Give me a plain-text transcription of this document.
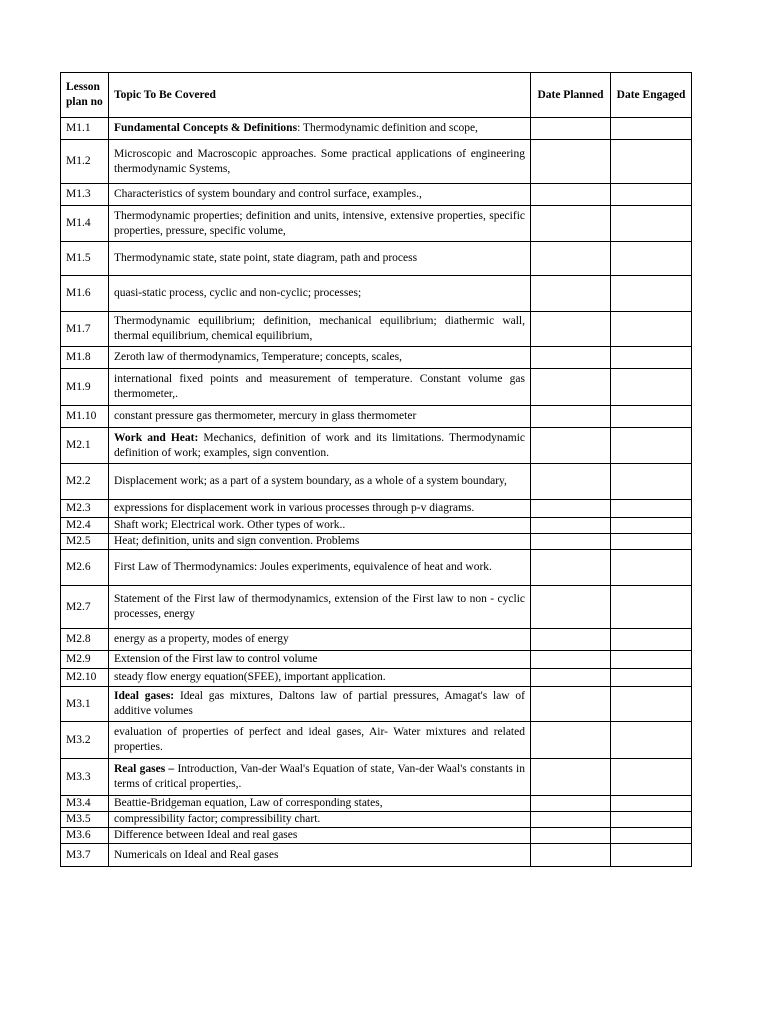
Lesson plan no	Topic To Be Covered	Date Planned	Date Engaged
M1.1	Fundamental Concepts & Definitions: Thermodynamic definition and scope,		
M1.2	Microscopic and Macroscopic approaches. Some practical applications of engineering thermodynamic Systems,		
M1.3	Characteristics of system boundary and control surface, examples.,		
M1.4	Thermodynamic properties; definition and units, intensive, extensive properties, specific properties, pressure, specific volume,		
M1.5	Thermodynamic state, state point, state diagram, path and process		
M1.6	quasi-static process, cyclic and non-cyclic; processes;		
M1.7	Thermodynamic equilibrium; definition, mechanical equilibrium; diathermic wall, thermal equilibrium, chemical equilibrium,		
M1.8	Zeroth law of thermodynamics, Temperature; concepts, scales,		
M1.9	international fixed points and measurement of temperature. Constant volume gas thermometer,.		
M1.10	constant pressure gas thermometer, mercury in glass thermometer		
M2.1	Work and Heat: Mechanics, definition of work and its limitations. Thermodynamic definition of work; examples, sign convention.		
M2.2	Displacement work; as a part of a system boundary, as a whole of a system boundary,		
M2.3	expressions for displacement work in various processes through p-v diagrams.		
M2.4	Shaft work; Electrical work. Other types of work..		
M2.5	Heat; definition, units and sign convention. Problems		
M2.6	First Law of Thermodynamics: Joules experiments, equivalence of heat and work.		
M2.7	Statement of the First law of thermodynamics, extension of the First law to non - cyclic processes, energy		
M2.8	energy as a property, modes of energy		
M2.9	Extension of the First law to control volume		
M2.10	steady flow energy equation(SFEE), important application.		
M3.1	Ideal gases: Ideal gas mixtures, Daltons law of partial pressures, Amagat's law of additive volumes		
M3.2	evaluation of properties of perfect and ideal gases, Air- Water mixtures and related properties.		
M3.3	Real gases – Introduction, Van-der Waal's Equation of state, Van-der Waal's constants in terms of critical properties,.		
M3.4	Beattie-Bridgeman equation, Law of corresponding states,		
M3.5	compressibility factor; compressibility chart.		
M3.6	Difference between Ideal and real gases		
M3.7	Numericals on Ideal and Real gases		
